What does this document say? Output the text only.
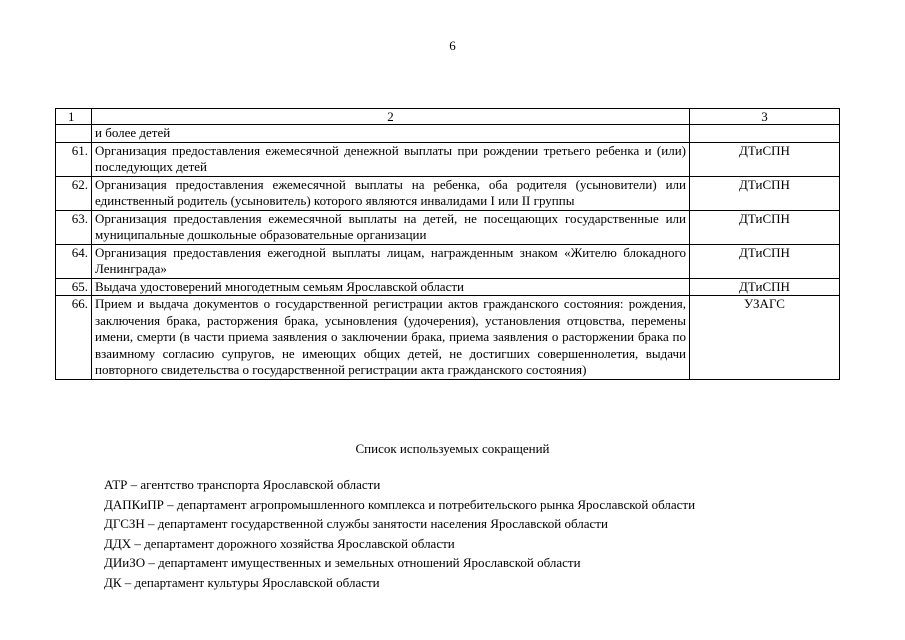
6
1	2	3
	и более детей	
61.	Организация предоставления ежемесячной денежной выплаты при рождении третьего ребенка и (или) последующих детей	ДТиСПН
62.	Организация предоставления ежемесячной выплаты на ребенка, оба родителя (усыновители) или единственный родитель (усыновитель) которого являются инвалидами I или II группы	ДТиСПН
63.	Организация предоставления ежемесячной выплаты на детей, не посещающих государственные или муниципальные дошкольные образовательные организации	ДТиСПН
64.	Организация предоставления ежегодной выплаты лицам, награжденным знаком «Жителю блокадного Ленинграда»	ДТиСПН
65.	Выдача удостоверений многодетным семьям Ярославской области	ДТиСПН
66.	Прием и выдача документов о государственной регистрации актов гражданского состояния: рождения, заключения брака, расторжения брака, усыновления (удочерения), установления отцовства, перемены имени, смерти (в части приема заявления о заключении брака, приема заявления о расторжении брака по взаимному согласию супругов, не имеющих общих детей, не достигших совершеннолетия, выдачи повторного свидетельства о государственной регистрации акта гражданского состояния)	УЗАГС
Список используемых сокращений
АТР – агентство транспорта Ярославской области
ДАПКиПР – департамент агропромышленного комплекса и потребительского рынка Ярославской области
ДГСЗН – департамент государственной службы занятости населения Ярославской области
ДДХ – департамент дорожного хозяйства Ярославской области
ДИиЗО – департамент имущественных и земельных отношений Ярославской области
ДК – департамент культуры Ярославской области
